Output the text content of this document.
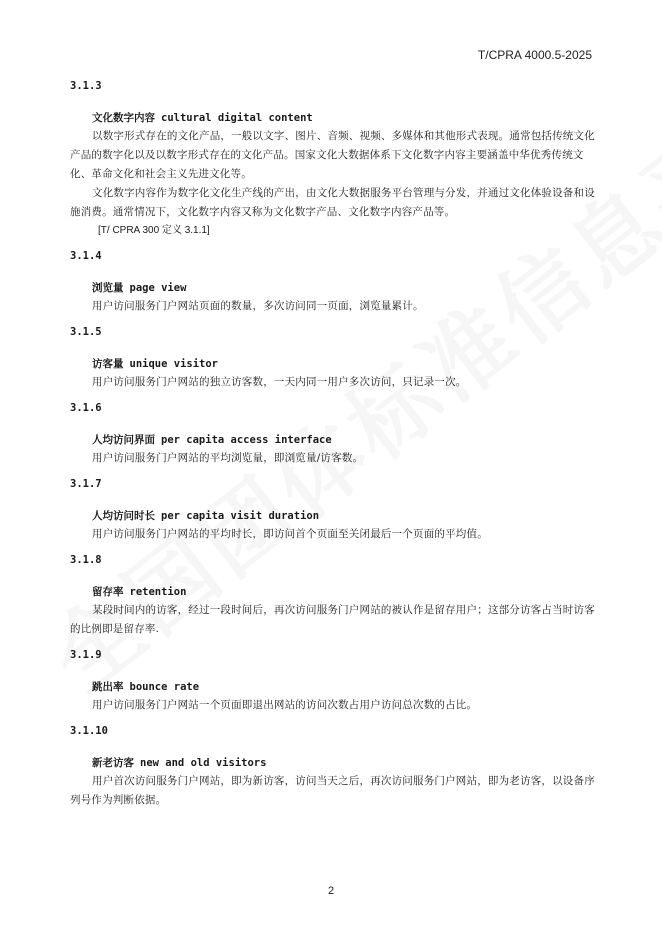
T/CPRA 4000.5-2025
3.1.3
文化数字内容 cultural digital content
以数字形式存在的文化产品，一般以文字、图片、音频、视频、多媒体和其他形式表现。通常包括传统文化产品的数字化以及以数字形式存在的文化产品。国家文化大数据体系下文化数字内容主要涵盖中华优秀传统文化、革命文化和社会主义先进文化等。
文化数字内容作为数字化文化生产线的产出，由文化大数据服务平台管理与分发，并通过文化体验设备和设施消费。通常情况下，文化数字内容又称为文化数字产品、文化数字内容产品等。
[T/ CPRA 300 定义 3.1.1]
3.1.4
浏览量 page view
用户访问服务门户网站页面的数量，多次访问同一页面，浏览量累计。
3.1.5
访客量 unique visitor
用户访问服务门户网站的独立访客数，一天内同一用户多次访问，只记录一次。
3.1.6
人均访问界面 per capita access interface
用户访问服务门户网站的平均浏览量，即浏览量/访客数。
3.1.7
人均访问时长 per capita visit duration
用户访问服务门户网站的平均时长，即访问首个页面至关闭最后一个页面的平均值。
3.1.8
留存率 retention
某段时间内的访客，经过一段时间后，再次访问服务门户网站的被认作是留存用户；这部分访客占当时访客的比例即是留存率.
3.1.9
跳出率 bounce rate
用户访问服务门户网站一个页面即退出网站的访问次数占用户访问总次数的占比。
3.1.10
新老访客 new and old visitors
用户首次访问服务门户网站，即为新访客，访问当天之后，再次访问服务门户网站，即为老访客，以设备序列号作为判断依据。
2
